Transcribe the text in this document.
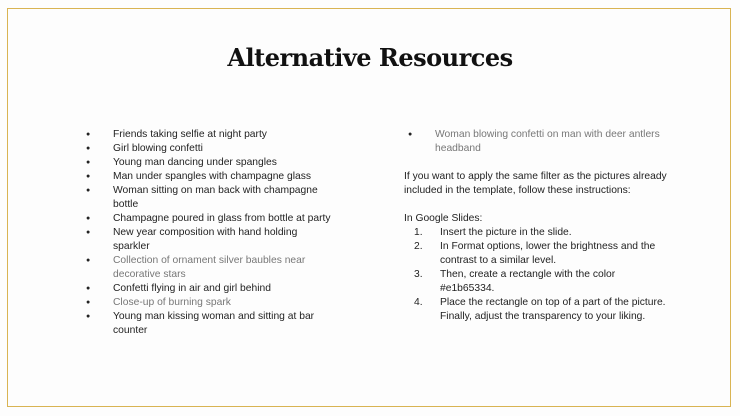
Alternative Resources
● Friends taking selfie at night party
● Girl blowing confetti
● Young man dancing under spangles
● Man under spangles with champagne glass
● Woman sitting on man back with champagne bottle
● Champagne poured in glass from bottle at party
● New year composition with hand holding sparkler
● Collection of ornament silver baubles near decorative stars
● Confetti flying in air and girl behind
● Close-up of burning spark
● Young man kissing woman and sitting at bar counter
● Woman blowing confetti on man with deer antlers headband
If you want to apply the same filter as the pictures already included in the template, follow these instructions:
In Google Slides:
1. Insert the picture in the slide.
2. In Format options, lower the brightness and the contrast to a similar level.
3. Then, create a rectangle with the color #e1b65334.
4. Place the rectangle on top of a part of the picture. Finally, adjust the transparency to your liking.
